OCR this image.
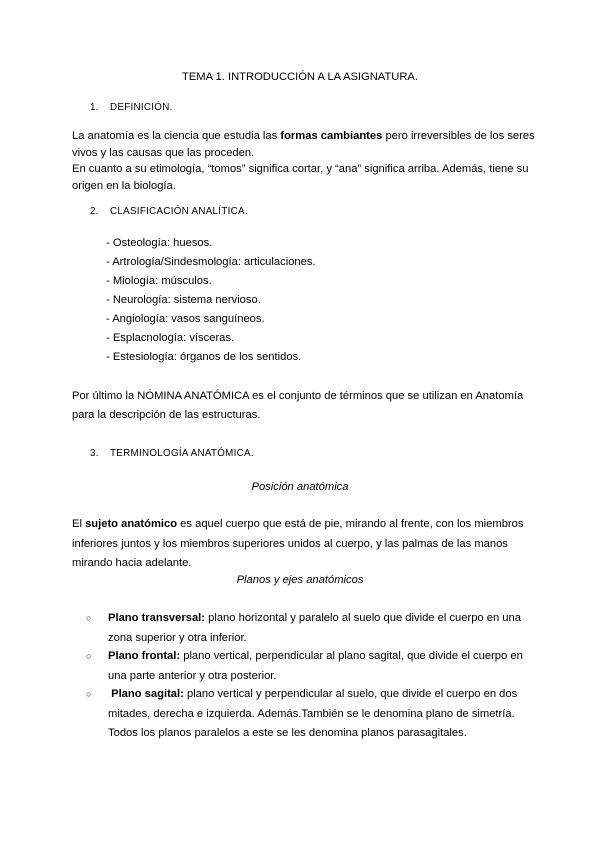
TEMA 1. INTRODUCCIÓN A LA ASIGNATURA.
1. DEFINICIÓN.
La anatomía es la ciencia que estudia las formas cambiantes pero irreversibles de los seres vivos y las causas que las proceden.
En cuanto a su etimología, “tomos” significa cortar, y “ana” significa arriba. Además, tiene su origen en la biología.
2. CLASIFICACIÓN ANALÍTICA.
- Osteología: huesos.
- Artrología/Sindesmología: articulaciones.
- Miología: músculos.
- Neurología: sistema nervioso.
- Angiología: vasos sanguíneos.
- Esplacnología: vísceras.
- Estesiología: órganos de los sentidos.
Por último la NÓMINA ANATÓMICA es el conjunto de términos que se utilizan en Anatomía para la descripción de las estructuras.
3. TERMINOLOGÍA ANATÓMICA.
Posición anatómica
El sujeto anatómico es aquel cuerpo que está de pie, mirando al frente, con los miembros inferiores juntos y los miembros superiores unidos al cuerpo, y las palmas de las manos mirando hacia adelante.
Planos y ejes anatómicos
○ Plano transversal: plano horizontal y paralelo al suelo que divide el cuerpo en una zona superior y otra inferior.
○ Plano frontal: plano vertical, perpendicular al plano sagital, que divide el cuerpo en una parte anterior y otra posterior.
○ Plano sagital: plano vertical y perpendicular al suelo, que divide el cuerpo en dos mitades, derecha e izquierda. Además.También se le denomina plano de simetría. Todos los planos paralelos a este se les denomina planos parasagitales.
